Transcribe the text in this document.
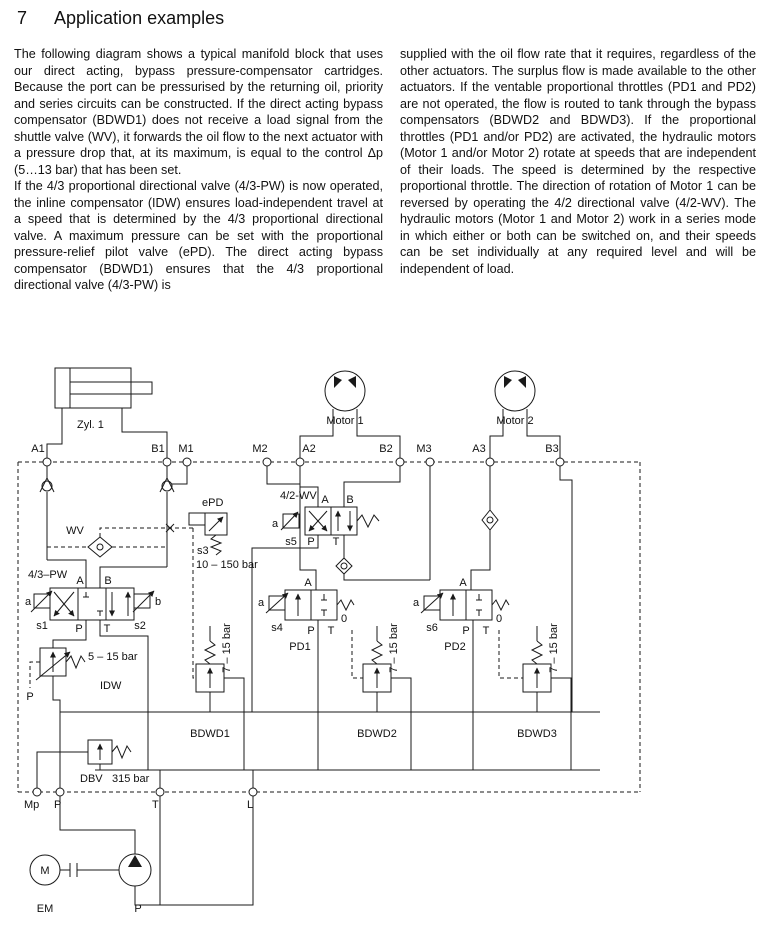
7 Application examples

The following diagram shows a typical manifold block that uses our direct acting, bypass pressure-compensator cartridges. Because the port can be pressurised by the returning oil, priority and series circuits can be constructed. If the direct acting bypass compensator (BDWD1) does not receive a load signal from the shuttle valve (WV), it forwards the oil flow to the next actuator with a pressure drop that, at its maximum, is equal to the control Δp (5…13 bar) that has been set.

If the 4/3 proportional directional valve (4/3-PW) is now operated, the inline compensator (IDW) ensures load-independent travel at a speed that is determined by the 4/3 proportional directional valve. A maximum pressure can be set with the proportional pressure-relief pilot valve (ePD). The direct acting bypass compensator (BDWD1) ensures that the 4/3 proportional directional valve (4/3-PW) is

supplied with the oil flow rate that it requires, regardless of the other actuators. The surplus flow is made available to the other actuators. If the ventable proportional throttles (PD1 and PD2) are not operated, the flow is routed to tank through the bypass compensators (BDWD2 and BDWD3). If the proportional throttles (PD1 and/or PD2) are activated, the hydraulic motors (Motor 1 and/or Motor 2) rotate at speeds that are independent of their loads. The speed is determined by the respective proportional throttle. The direction of rotation of Motor 1 can be reversed by operating the 4/2 directional valve (4/2-WV). The hydraulic motors (Motor 1 and Motor 2) work in a series mode in which either or both can be switched on, and their speeds can be set individually at any required level and will be independent of load.

Zyl. 1	Motor 1	Motor 2
A1	B1 M1	M2	A2	B2 M3	A3	B3
WV
ePD
s3
10 – 150 bar
4/2-WV
a
s5
A B
P T
4/3–PW A B
a	b
s1	s2
P T
5 – 15 bar
IDW
P
7 – 15 bar	7 – 15 bar	7 – 15 bar
BDWD1	BDWD2	BDWD3
PD1
a
s4 P T
0
A
PD2
a
s6 P T
0
A
DBV 315 bar
Mp P	T	L
M
EM	P
